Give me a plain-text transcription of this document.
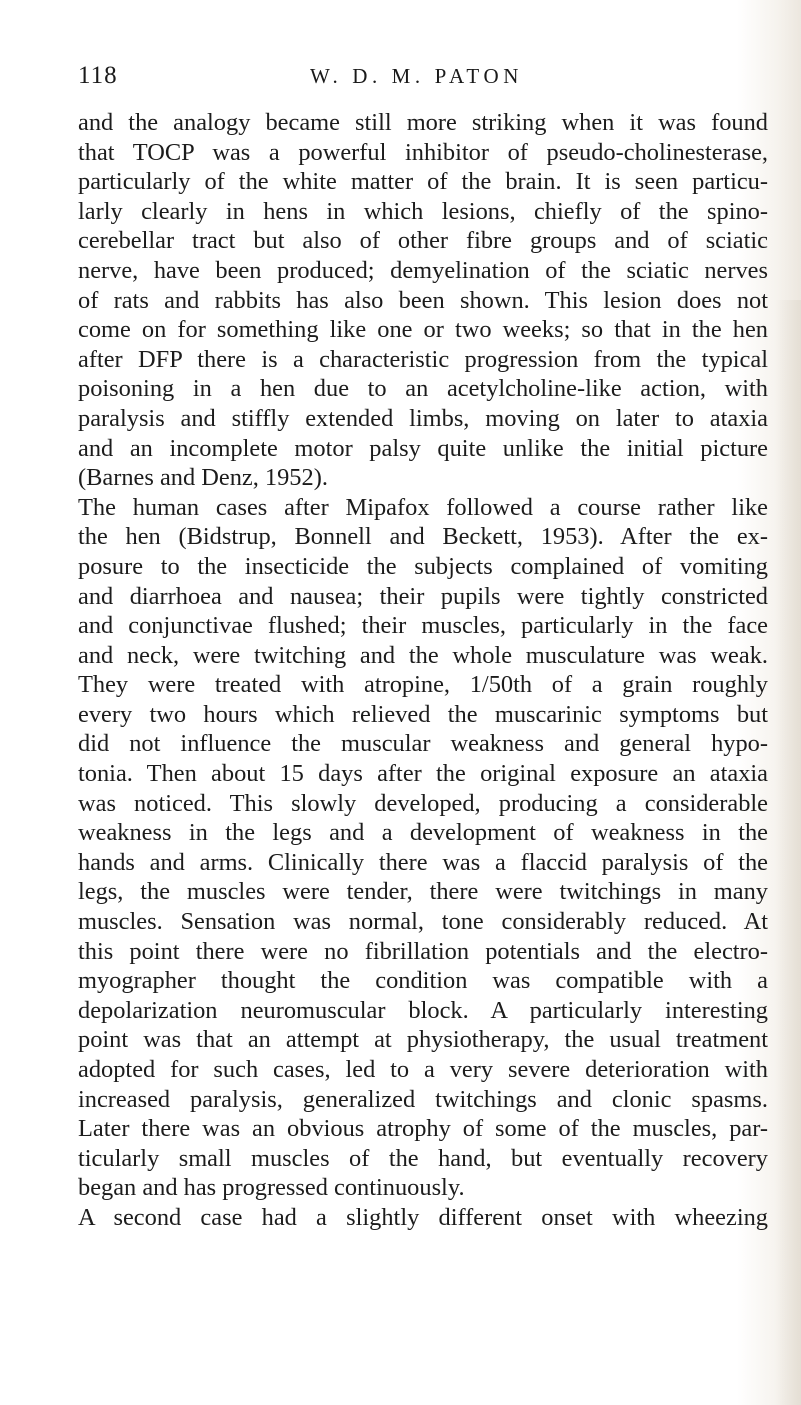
118	W. D. M. PATON
and the analogy became still more striking when it was found
that TOCP was a powerful inhibitor of pseudo-cholinesterase,
particularly of the white matter of the brain. It is seen particu-
larly clearly in hens in which lesions, chiefly of the spino-
cerebellar tract but also of other fibre groups and of sciatic
nerve, have been produced; demyelination of the sciatic nerves
of rats and rabbits has also been shown. This lesion does not
come on for something like one or two weeks; so that in the hen
after DFP there is a characteristic progression from the typical
poisoning in a hen due to an acetylcholine-like action, with
paralysis and stiffly extended limbs, moving on later to ataxia
and an incomplete motor palsy quite unlike the initial picture
(Barnes and Denz, 1952).
The human cases after Mipafox followed a course rather like
the hen (Bidstrup, Bonnell and Beckett, 1953). After the ex-
posure to the insecticide the subjects complained of vomiting
and diarrhoea and nausea; their pupils were tightly constricted
and conjunctivae flushed; their muscles, particularly in the face
and neck, were twitching and the whole musculature was weak.
They were treated with atropine, 1/50th of a grain roughly
every two hours which relieved the muscarinic symptoms but
did not influence the muscular weakness and general hypo-
tonia. Then about 15 days after the original exposure an ataxia
was noticed. This slowly developed, producing a considerable
weakness in the legs and a development of weakness in the
hands and arms. Clinically there was a flaccid paralysis of the
legs, the muscles were tender, there were twitchings in many
muscles. Sensation was normal, tone considerably reduced. At
this point there were no fibrillation potentials and the electro-
myographer thought the condition was compatible with a
depolarization neuromuscular block. A particularly interesting
point was that an attempt at physiotherapy, the usual treatment
adopted for such cases, led to a very severe deterioration with
increased paralysis, generalized twitchings and clonic spasms.
Later there was an obvious atrophy of some of the muscles, par-
ticularly small muscles of the hand, but eventually recovery
began and has progressed continuously.
A second case had a slightly different onset with wheezing
